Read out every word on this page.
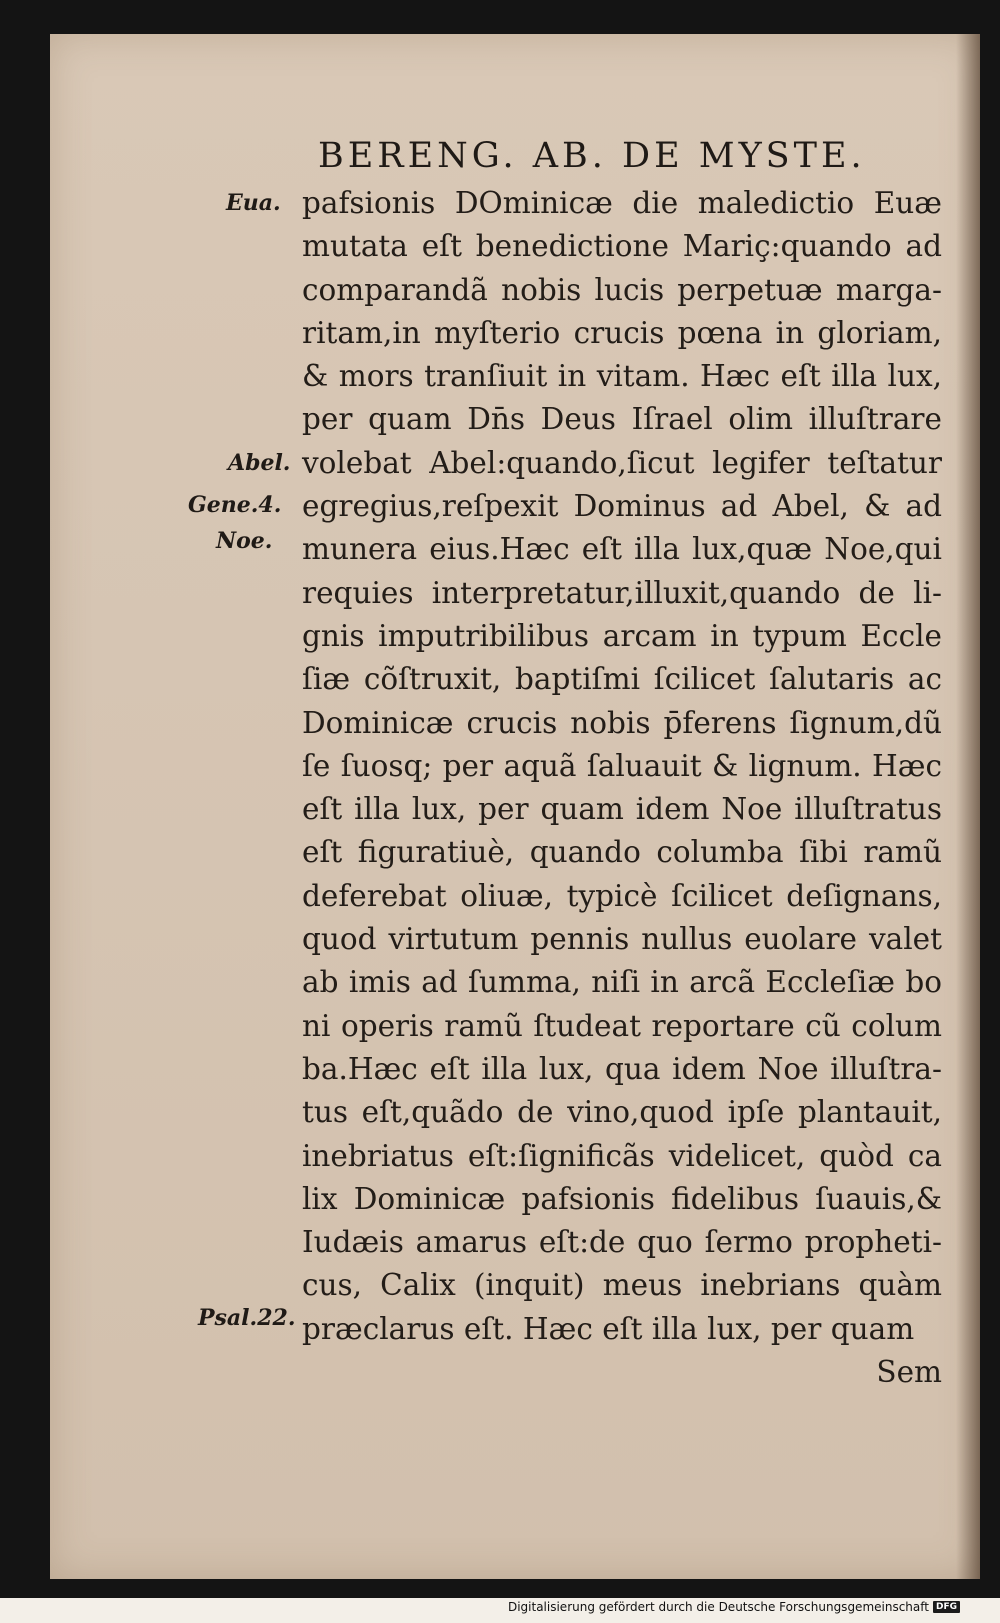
BERENG. AB. DE MYSTE.
Eua.
Abel.
Gene.4.
Noe.
Psal.22.
pafsionis DOminicæ die maledictio Euæ
mutata eſt benedictione Mariç:quando ad
comparandã nobis lucis perpetuæ marga-
ritam,in myſterio crucis pœna in gloriam,
& mors tranſiuit in vitam. Hæc eſt illa lux,
per quam Dn̄s Deus Iſrael olim illuſtrare
volebat Abel:quando,ſicut legifer teſtatur
egregius,reſpexit Dominus ad Abel, & ad
munera eius.Hæc eſt illa lux,quæ Noe,qui
requies interpretatur,illuxit,quando de li-
gnis imputribilibus arcam in typum Eccle
ſiæ cõſtruxit, baptiſmi ſcilicet ſalutaris ac
Dominicæ crucis nobis p̄ferens ſignum,dũ
ſe ſuosq; per aquã ſaluauit & lignum. Hæc
eſt illa lux, per quam idem Noe illuſtratus
eſt figuratiuè, quando columba ſibi ramũ
deferebat oliuæ, typicè ſcilicet deſignans,
quod virtutum pennis nullus euolare valet
ab imis ad ſumma, niſi in arcã Eccleſiæ bo
ni operis ramũ ſtudeat reportare cũ colum
ba.Hæc eſt illa lux, qua idem Noe illuſtra-
tus eſt,quãdo de vino,quod ipſe plantauit,
inebriatus eſt:ſignificãs videlicet, quòd ca
lix Dominicæ pafsionis fidelibus ſuauis,&
Iudæis amarus eſt:de quo ſermo propheti-
cus, Calix (inquit) meus inebrians quàm
præclarus eſt. Hæc eſt illa lux, per quam
Sem
Digitalisierung gefördert durch die Deutsche Forschungsgemeinschaft DFG
